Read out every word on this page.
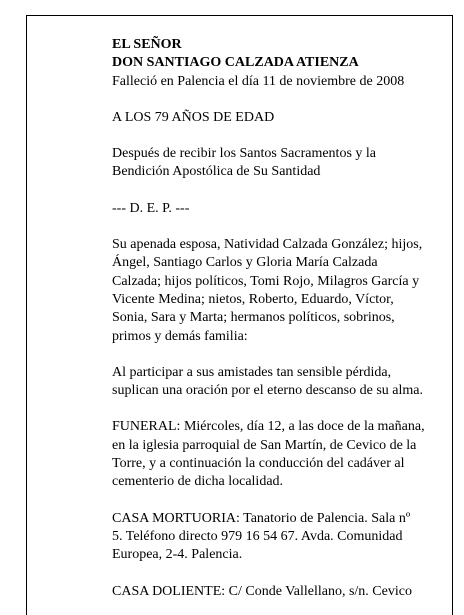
EL SEÑOR
DON SANTIAGO CALZADA ATIENZA
Falleció en Palencia el día 11 de noviembre de 2008

A LOS 79 AÑOS DE EDAD

Después de recibir los Santos Sacramentos y la
Bendición Apostólica de Su Santidad

--- D. E. P. ---

Su apenada esposa, Natividad Calzada González; hijos,
Ángel, Santiago Carlos y Gloria María Calzada
Calzada; hijos políticos, Tomi Rojo, Milagros García y
Vicente Medina; nietos, Roberto, Eduardo, Víctor,
Sonia, Sara y Marta; hermanos políticos, sobrinos,
primos y demás familia:

Al participar a sus amistades tan sensible pérdida,
suplican una oración por el eterno descanso de su alma.

FUNERAL: Miércoles, día 12, a las doce de la mañana,
en la iglesia parroquial de San Martín, de Cevico de la
Torre, y a continuación la conducción del cadáver al
cementerio de dicha localidad.

CASA MORTUORIA: Tanatorio de Palencia. Sala nº
5. Teléfono directo 979 16 54 67. Avda. Comunidad
Europea, 2-4. Palencia.

CASA DOLIENTE: C/ Conde Vallellano, s/n. Cevico
